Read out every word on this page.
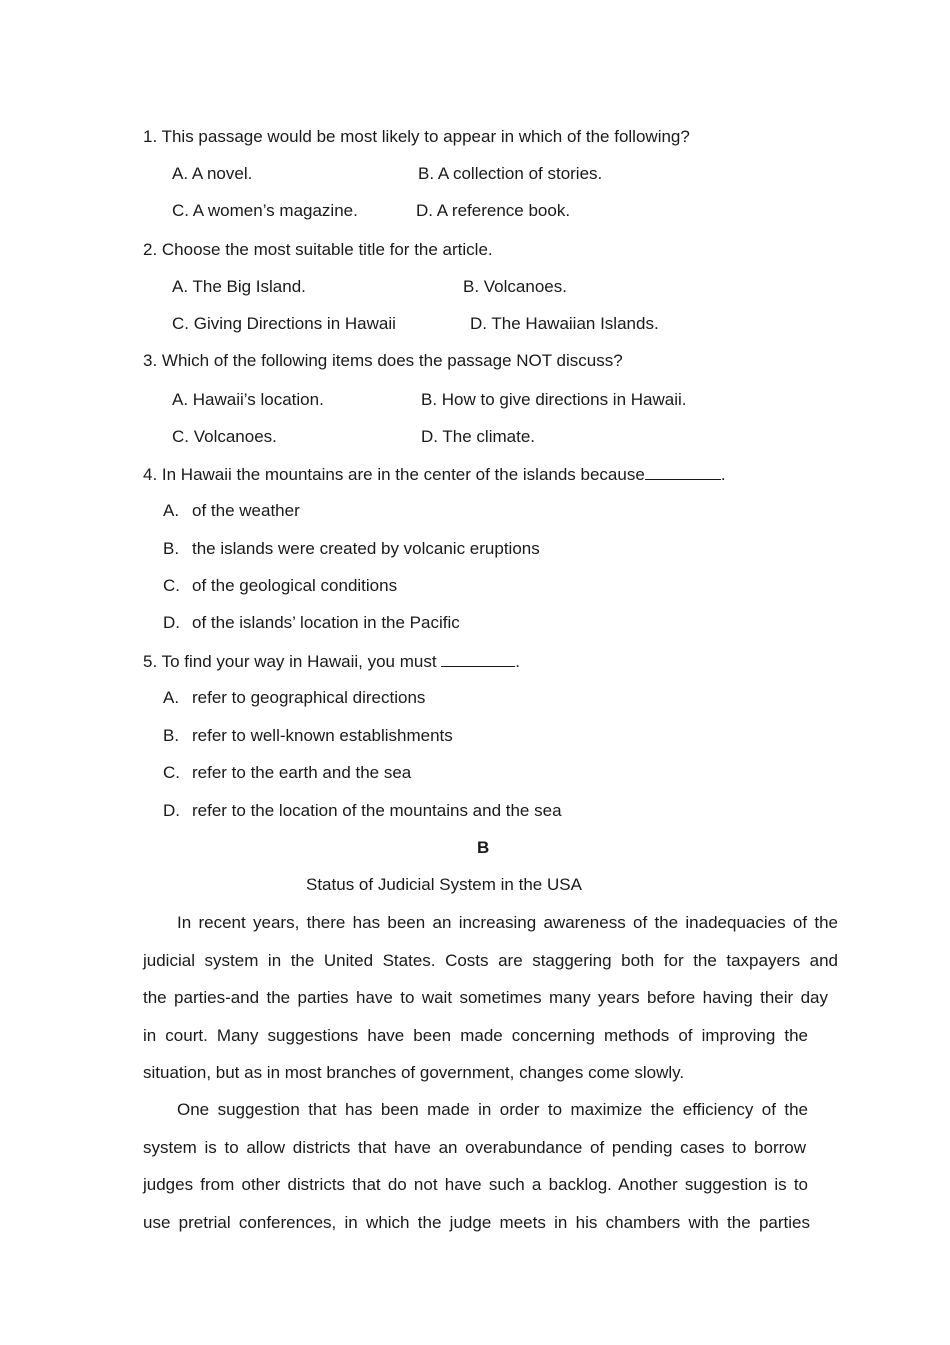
1. This passage would be most likely to appear in which of the following?
A. A novel.	B. A collection of stories.
C. A women’s magazine.	D. A reference book.
2. Choose the most suitable title for the article.
A. The Big Island.	B. Volcanoes.
C. Giving Directions in Hawaii	D. The Hawaiian Islands.
3. Which of the following items does the passage NOT discuss?
A. Hawaii’s location.	B. How to give directions in Hawaii.
C. Volcanoes.	D. The climate.
4. In Hawaii the mountains are in the center of the islands because	.
A. of the weather
B. the islands were created by volcanic eruptions
C. of the geological conditions
D. of the islands’ location in the Pacific
5. To find your way in Hawaii, you must	.
A. refer to geographical directions
B. refer to well-known establishments
C. refer to the earth and the sea
D. refer to the location of the mountains and the sea
B
Status of Judicial System in the USA
In recent years, there has been an increasing awareness of the inadequacies of the
judicial system in the United States. Costs are staggering both for the taxpayers and
the parties-and the parties have to wait sometimes many years before having their day
in court. Many suggestions have been made concerning methods of improving the
situation, but as in most branches of government, changes come slowly.
One suggestion that has been made in order to maximize the efficiency of the
system is to allow districts that have an overabundance of pending cases to borrow
judges from other districts that do not have such a backlog. Another suggestion is to
use pretrial conferences, in which the judge meets in his chambers with the parties
